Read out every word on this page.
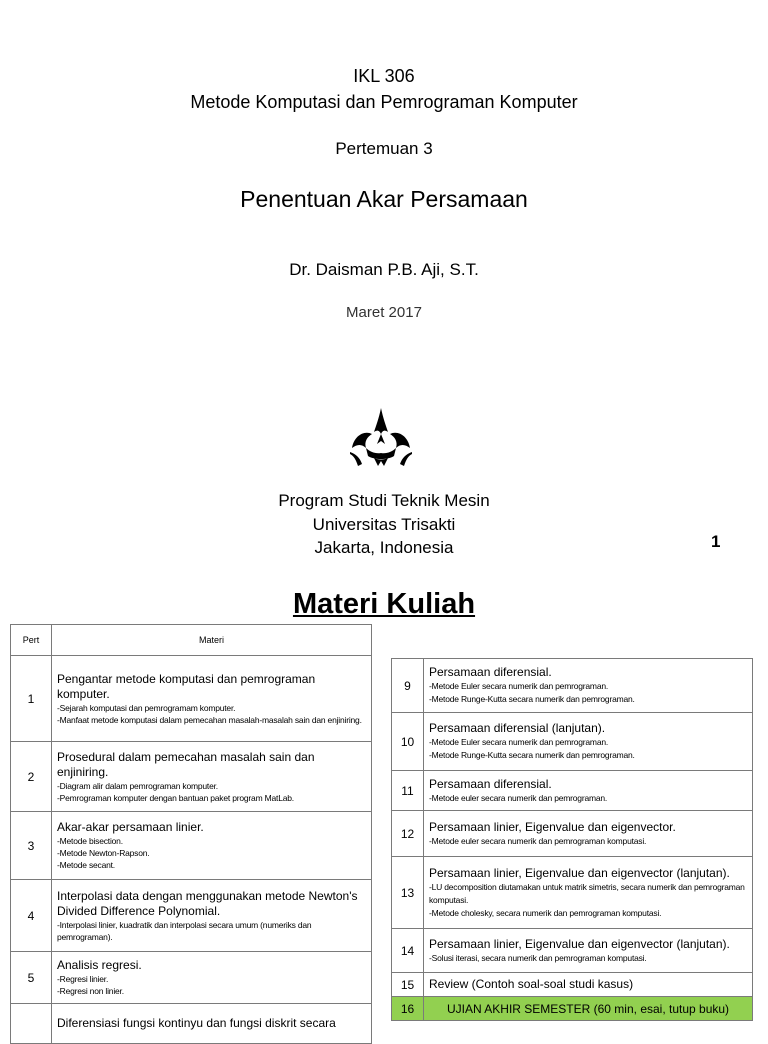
IKL 306
Metode Komputasi dan Pemrograman Komputer
Pertemuan 3
Penentuan Akar Persamaan
Dr. Daisman P.B. Aji, S.T.
Maret 2017
Program Studi Teknik Mesin
Universitas Trisakti
Jakarta, Indonesia	1
Materi Kuliah
Pert	Materi
1	Pengantar metode komputasi dan pemrograman komputer.
-Sejarah komputasi dan pemrogramam komputer.
-Manfaat metode komputasi dalam pemecahan masalah-masalah sain dan enjiniring.

2	Prosedural dalam pemecahan masalah sain dan enjiniring.
-Diagram alir dalam pemrograman komputer.
-Pemrograman komputer dengan bantuan paket program MatLab.

3	Akar-akar persamaan linier.
-Metode bisection.
-Metode Newton-Rapson.
-Metode secant.

4	Interpolasi data dengan menggunakan metode Newton's Divided Difference Polynomial.
-Interpolasi linier, kuadratik dan interpolasi secara umum (numeriks dan pemrograman).

5	Analisis regresi.
-Regresi linier.
-Regresi non linier.

	Diferensiasi fungsi kontinyu dan fungsi diskrit secara
9	Persamaan diferensial.
-Metode Euler secara numerik dan pemrograman.
-Metode Runge-Kutta secara numerik dan pemrograman.

10	Persamaan diferensial (lanjutan).
-Metode Euler secara numerik dan pemrograman.
-Metode Runge-Kutta secara numerik dan pemrograman.

11	Persamaan diferensial.
-Metode euler secara numerik dan pemrograman.

12	Persamaan linier, Eigenvalue dan eigenvector.
-Metode euler secara numerik dan pemrograman komputasi.

13	Persamaan linier, Eigenvalue dan eigenvector (lanjutan).
-LU decomposition diutamakan untuk matrik simetris, secara numerik dan pemrograman komputasi.
-Metode cholesky, secara numerik dan pemrograman komputasi.

14	Persamaan linier, Eigenvalue dan eigenvector (lanjutan).
-Solusi iterasi, secara numerik dan pemrograman komputasi.

15	Review (Contoh soal-soal studi kasus)

16	UJIAN AKHIR SEMESTER (60 min, esai, tutup buku)
